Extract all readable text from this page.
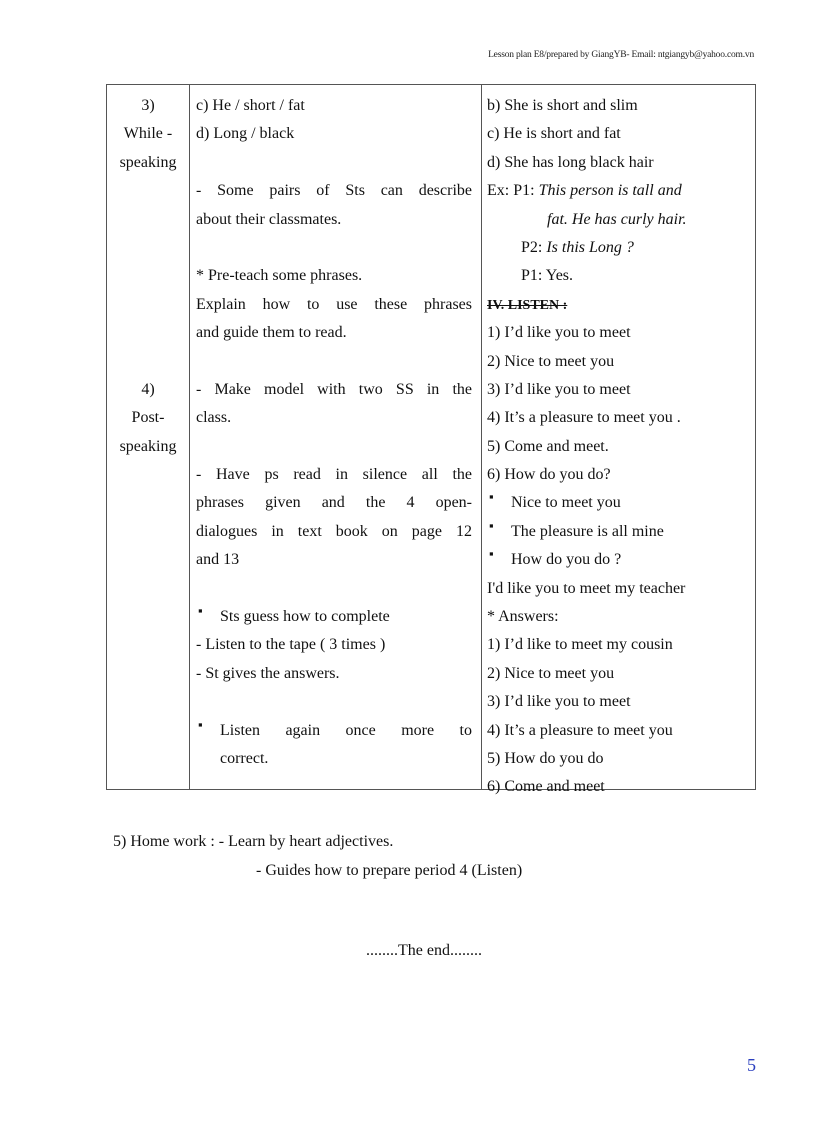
Lesson plan E8/prepared by GiangYB- Email: ntgiangyb@yahoo.com.vn
3)
While -
speaking
4)
Post-
speaking
c) He / short / fat
d) Long / black
- Some pairs of Sts can describe
about their classmates.
* Pre-teach some phrases.
Explain how to use these phrases
and guide them to read.
- Make model with two SS in the
class.
- Have ps read in silence all the
phrases given and the 4 open-
dialogues in text book on page 12
and 13
▪ Sts guess how to complete
- Listen to the tape ( 3 times )
- St gives the answers.
▪ Listen again once more to
correct.
b) She is short and slim
c) He is short and fat
d) She has long black hair
Ex: P1: This person is tall and
fat. He has curly hair.
P2: Is this Long ?
P1: Yes.
IV. LISTEN :
1) I’d like you to meet
2) Nice to meet you
3) I’d like you to meet
4) It’s a pleasure to meet you .
5) Come and meet.
6) How do you do?
▪ Nice to meet you
▪ The pleasure is all mine
▪ How do you do ?
I'd like you to meet my teacher
* Answers:
1) I’d like to meet my cousin
2) Nice to meet you
3) I’d like you to meet
4) It’s a pleasure to meet you
5) How do you do
6) Come and meet
5) Home work : - Learn by heart adjectives.
- Guides how to prepare period 4 (Listen)
........The end........
5
